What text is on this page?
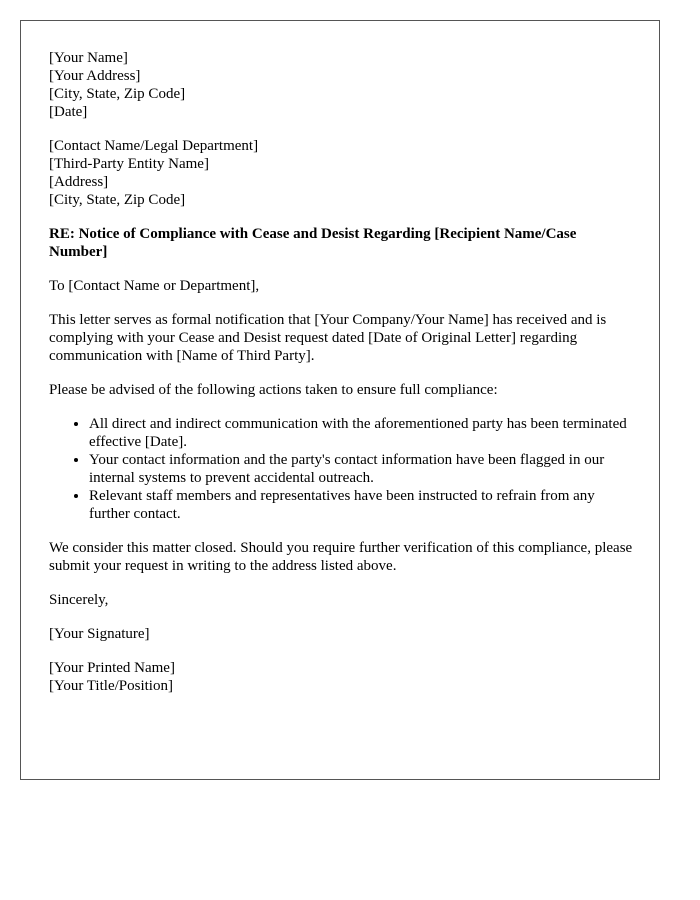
[Your Name]
[Your Address]
[City, State, Zip Code]
[Date]
[Contact Name/Legal Department]
[Third-Party Entity Name]
[Address]
[City, State, Zip Code]

RE: Notice of Compliance with Cease and Desist Regarding [Recipient Name/Case Number]

To [Contact Name or Department],

This letter serves as formal notification that [Your Company/Your Name] has received and is complying with your Cease and Desist request dated [Date of Original Letter] regarding communication with [Name of Third Party].

Please be advised of the following actions taken to ensure full compliance:

• All direct and indirect communication with the aforementioned party has been terminated effective [Date].
• Your contact information and the party's contact information have been flagged in our internal systems to prevent accidental outreach.
• Relevant staff members and representatives have been instructed to refrain from any further contact.

We consider this matter closed. Should you require further verification of this compliance, please submit your request in writing to the address listed above.

Sincerely,

[Your Signature]

[Your Printed Name]
[Your Title/Position]
